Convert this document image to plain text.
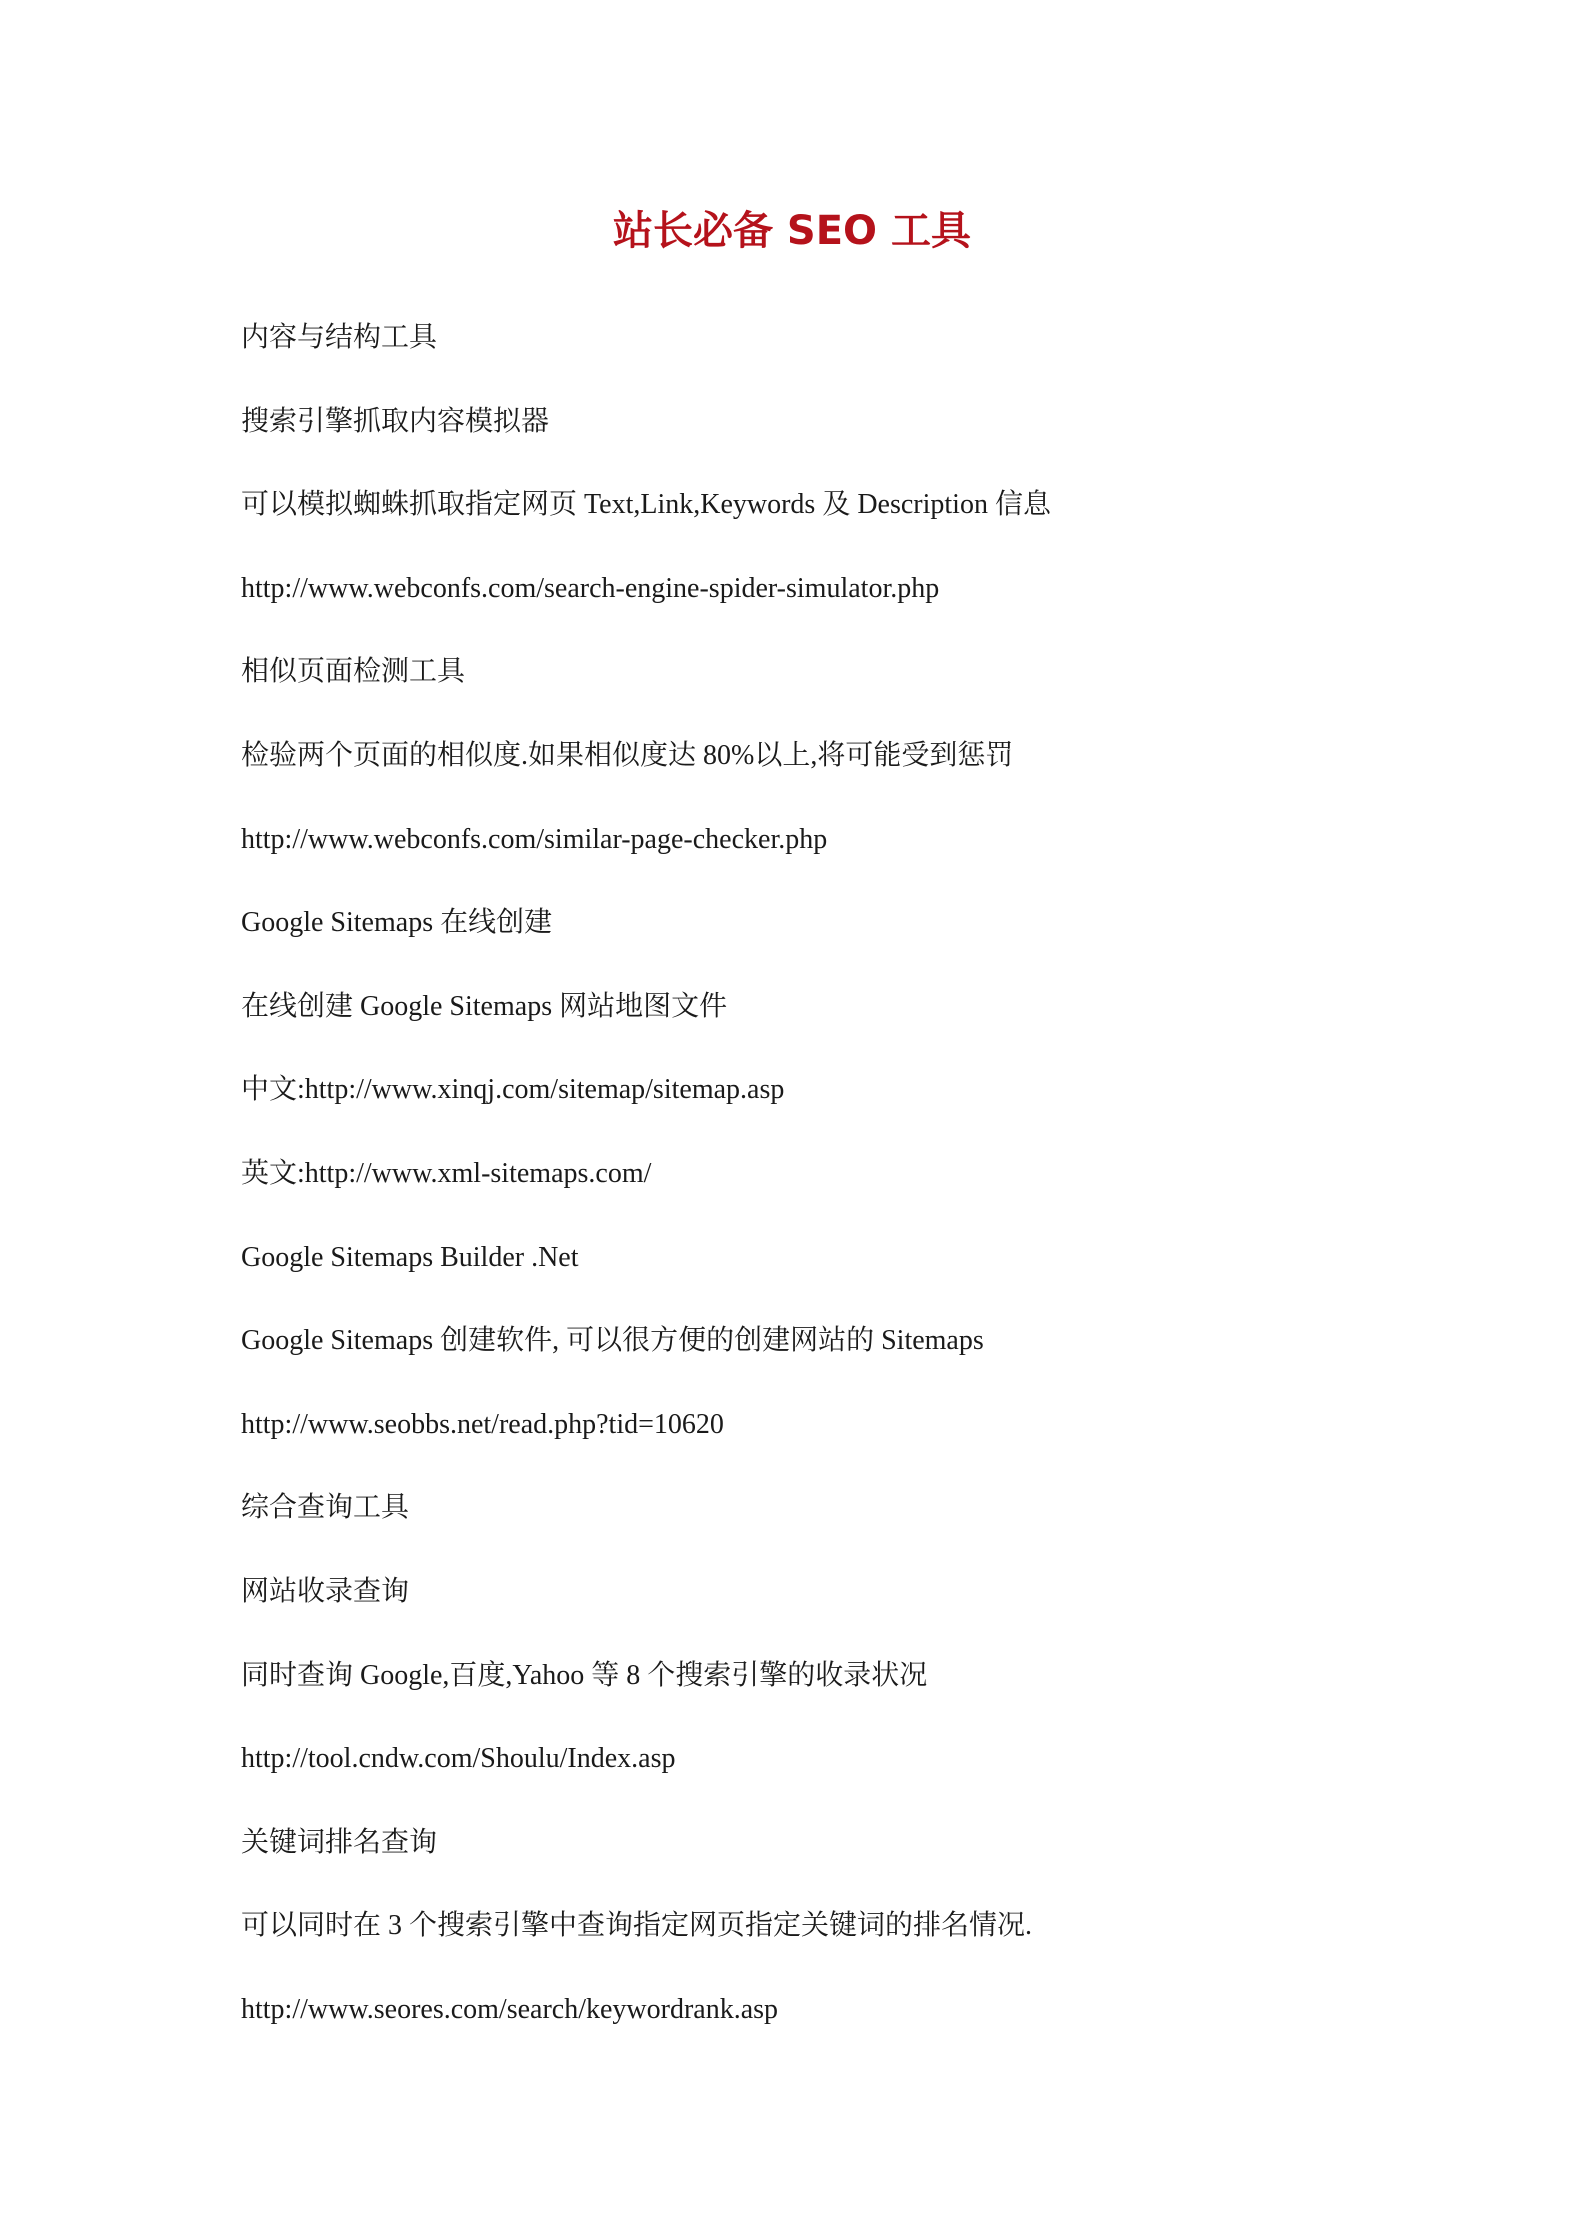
站长必备 SEO 工具
内容与结构工具
搜索引擎抓取内容模拟器
可以模拟蜘蛛抓取指定网页 Text,Link,Keywords 及 Description 信息
http://www.webconfs.com/search-engine-spider-simulator.php
相似页面检测工具
检验两个页面的相似度.如果相似度达 80%以上,将可能受到惩罚
http://www.webconfs.com/similar-page-checker.php
Google Sitemaps 在线创建
在线创建 Google Sitemaps 网站地图文件
中文:http://www.xinqj.com/sitemap/sitemap.asp
英文:http://www.xml-sitemaps.com/
Google Sitemaps Builder .Net
Google Sitemaps 创建软件, 可以很方便的创建网站的 Sitemaps
http://www.seobbs.net/read.php?tid=10620
综合查询工具
网站收录查询
同时查询 Google,百度,Yahoo 等 8 个搜索引擎的收录状况
http://tool.cndw.com/Shoulu/Index.asp
关键词排名查询
可以同时在 3 个搜索引擎中查询指定网页指定关键词的排名情况.
http://www.seores.com/search/keywordrank.asp
